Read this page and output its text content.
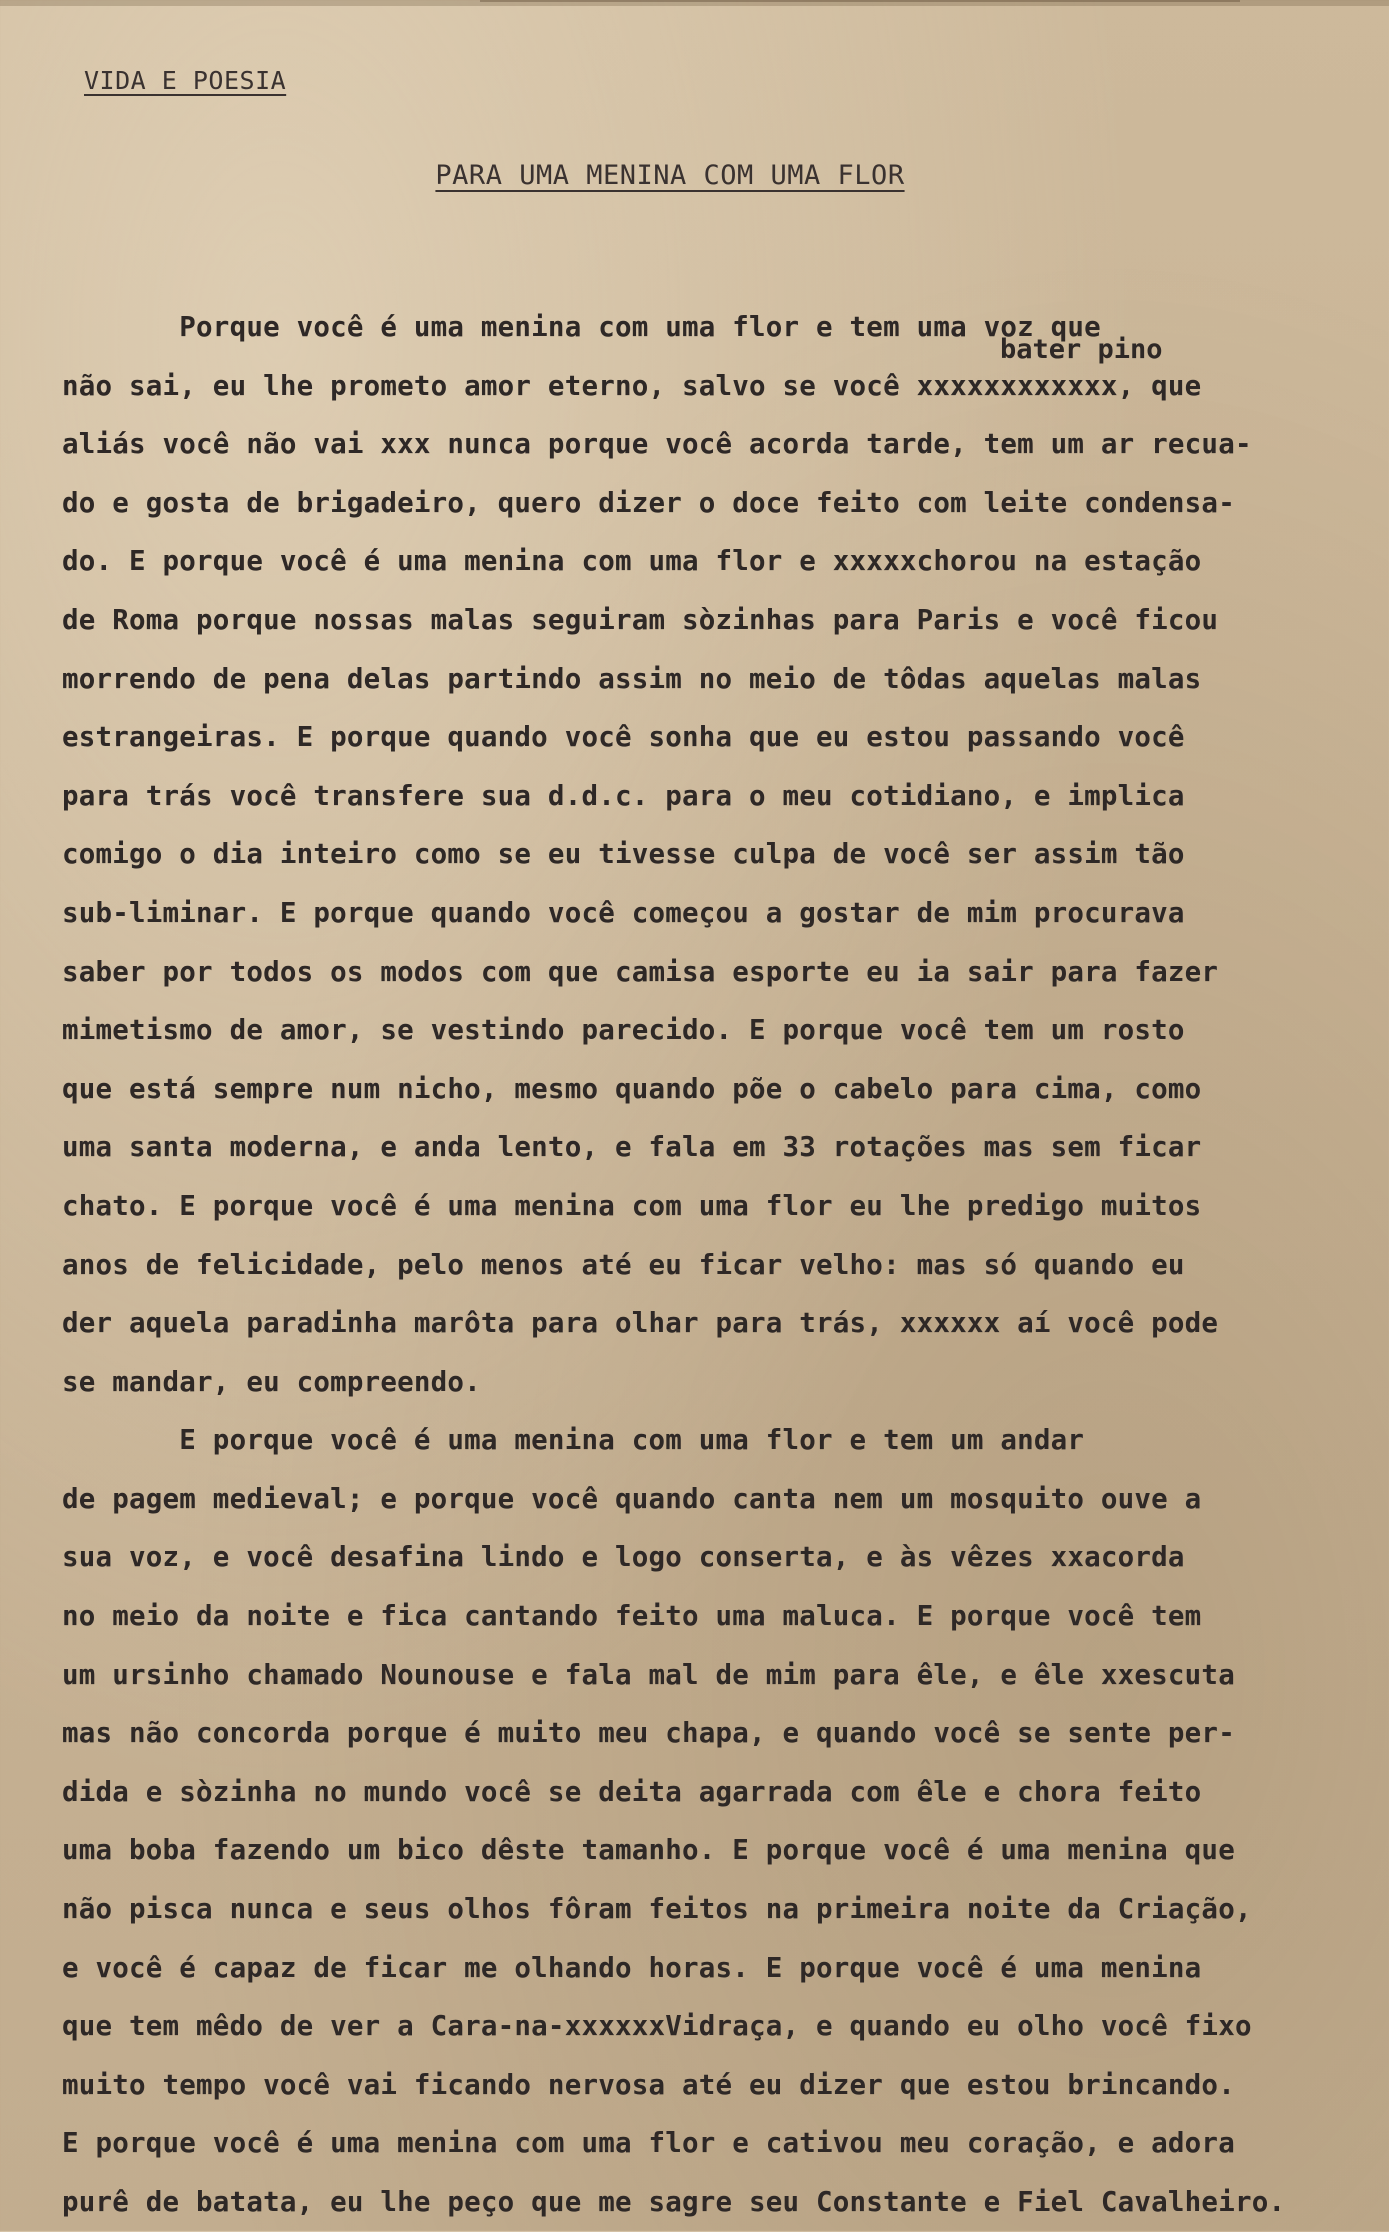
VIDA E POESIA
PARA UMA MENINA COM UMA FLOR
bater pino
Porque você é uma menina com uma flor e tem uma voz que
não sai, eu lhe prometo amor eterno, salvo se você xxxxxxxxxxxx, que
aliás você não vai xxx nunca porque você acorda tarde, tem um ar recua-
do e gosta de brigadeiro, quero dizer o doce feito com leite condensa-
do. E porque você é uma menina com uma flor e xxxxxchorou na estação
de Roma porque nossas malas seguiram sòzinhas para Paris e você ficou
morrendo de pena delas partindo assim no meio de tôdas aquelas malas
estrangeiras. E porque quando você sonha que eu estou passando você
para trás você transfere sua d.d.c. para o meu cotidiano, e implica
comigo o dia inteiro como se eu tivesse culpa de você ser assim tão
sub-liminar. E porque quando você começou a gostar de mim procurava
saber por todos os modos com que camisa esporte eu ia sair para fazer
mimetismo de amor, se vestindo parecido. E porque você tem um rosto
que está sempre num nicho, mesmo quando põe o cabelo para cima, como
uma santa moderna, e anda lento, e fala em 33 rotações mas sem ficar
chato. E porque você é uma menina com uma flor eu lhe predigo muitos
anos de felicidade, pelo menos até eu ficar velho: mas só quando eu
der aquela paradinha marôta para olhar para trás, xxxxxx aí você pode
se mandar, eu compreendo.
E porque você é uma menina com uma flor e tem um andar
de pagem medieval; e porque você quando canta nem um mosquito ouve a
sua voz, e você desafina lindo e logo conserta, e às vêzes xxacorda
no meio da noite e fica cantando feito uma maluca. E porque você tem
um ursinho chamado Nounouse e fala mal de mim para êle, e êle xxescuta
mas não concorda porque é muito meu chapa, e quando você se sente per-
dida e sòzinha no mundo você se deita agarrada com êle e chora feito
uma boba fazendo um bico dêste tamanho. E porque você é uma menina que
não pisca nunca e seus olhos fôram feitos na primeira noite da Criação,
e você é capaz de ficar me olhando horas. E porque você é uma menina
que tem mêdo de ver a Cara-na-xxxxxxVidraça, e quando eu olho você fixo
muito tempo você vai ficando nervosa até eu dizer que estou brincando.
E porque você é uma menina com uma flor e cativou meu coração, e adora
purê de batata, eu lhe peço que me sagre seu Constante e Fiel Cavalheiro.
